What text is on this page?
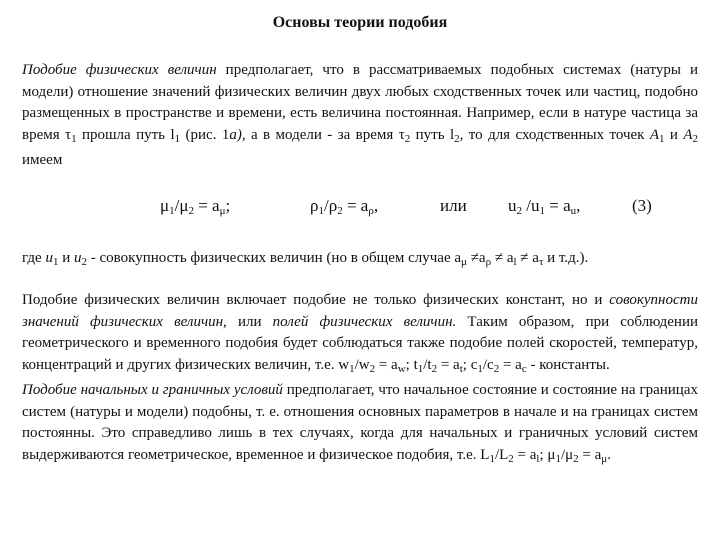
Основы теории подобия

Подобие физических величин предполагает, что в рассматриваемых подобных системах (натуры и модели) отношение значений физических величин двух любых сходственных точек или частиц, подобно размещенных в пространстве и времени, есть величина постоянная. Например, если в натуре частица за время $\tau_1$ прошла путь $l_1$ (рис. 1а), а в модели - за время $\tau_2$ путь $l_2$, то для сходственных точек $A_1$ и $A_2$ имеем

$\mu_1/\mu_2 = a_\mu$;	$\rho_1/\rho_2 = a_\rho$,	или $u_2$ $/u_1 = a_u$,	(3)

где $u_1$ и $u_2$ - совокупность физических величин (но в общем случае $a_\mu \ne a_\rho \ne a_l \ne a_\tau$ и т.д.).

Подобие физических величин включает подобие не только физических констант, но и совокупности значений физических величин, или полей физических величин. Таким образом, при соблюдении геометрического и временного подобия будет соблюдаться также подобие полей скоростей, температур, концентраций и других физических величин, т.е. $w_1/w_2 = a_w$; $t_1/t_2 = a_t$; $c_1/c_2 = a_c$ - константы.

Подобие начальных и граничных условий предполагает, что начальное состояние и состояние на границах систем (натуры и модели) подобны, т. е. отношения основных параметров в начале и на границах систем постоянны. Это справедливо лишь в тех случаях, когда для начальных и граничных условий систем выдерживаются геометрическое, временное и физическое подобия, т.е. $L_1/L_2 = a_l$; $\mu_1/\mu_2 = a_\mu$.
